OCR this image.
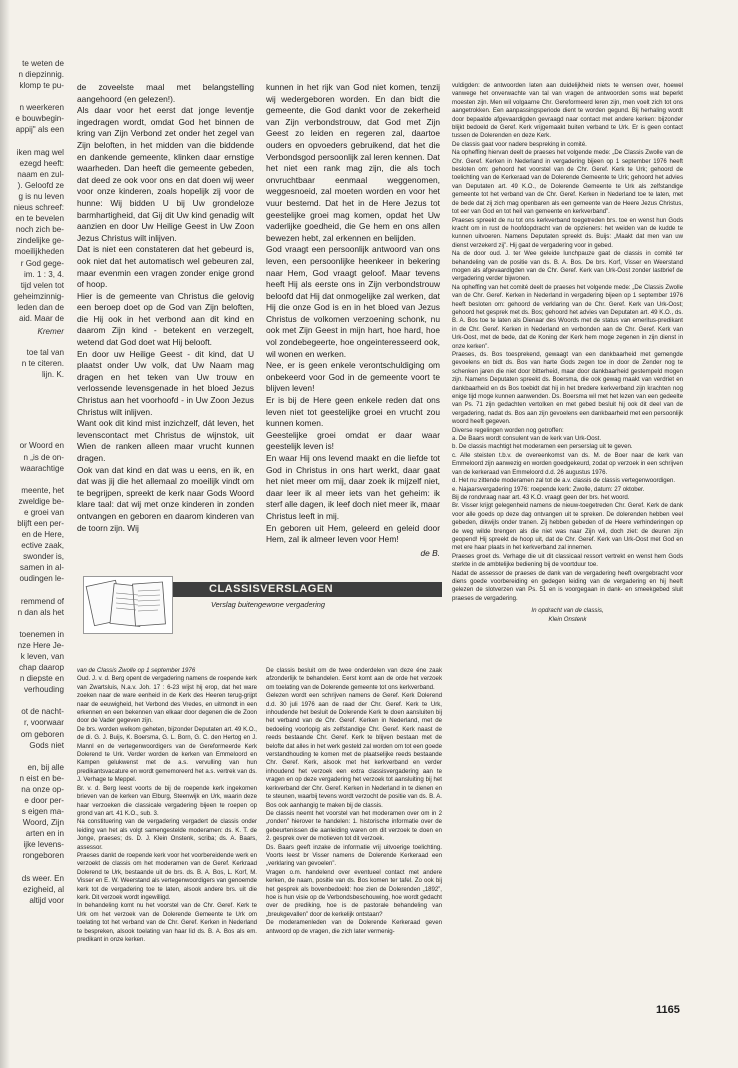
te weten de
n diepzinnig.
klomp te pu-
n weerkeren
e bouwbegin-
appij" als een
iken mag wel
ezegd heeft:
naam en zul-
). Geloofd ze
g is nu leven
nieus schreef:
en te bevelen
noch zich be-
zindelijke ge-
moeilijkheden
r God gege-
im. 1 : 3, 4.
tijd velen tot
geheimzinnig-
leden dan de
aid. Maar de
Kremer
toe tal van
n te citeren.
lijn. K.
or Woord en
n „is de on-
waarachtige
meente, het
zweldige be-
e groei van
blijft een per-
en de Here,
ective zaak,
swonder is,
samen in al-
oudingen le-
remmend of
n dan als het
toenemen in
nze Here Je-
k leven, van
chap daarop
n diepste en
verhouding
ot de nacht-
r, voorwaar
om geboren
Gods niet
en, bij alle
n eist en be-
na onze op-
e door per-
s eigen ma-
Woord, Zijn
arten en in
ijke levens-
rongeboren
ds weer. En
ezigheid, al
altijd voor

de zoveelste maal met belangstelling aangehoord (en gelezen!).

Als daar voor het eerst dat jonge leventje ingedragen wordt, omdat God het binnen de kring van Zijn Verbond zet onder het zegel van Zijn beloften, in het midden van die biddende en dankende gemeente, klinken daar ernstige waarheden. Dan heeft die gemeente gebeden, dat deed ze ook voor ons en dat doen wij weer voor onze kinderen, zoals hopelijk zij voor de hunne: Wij bidden U bij Uw grondeloze barmhartigheid, dat Gij dit Uw kind genadig wilt aanzien en door Uw Heilige Geest in Uw Zoon Jezus Christus wilt inlijven.

Dat is niet een constateren dat het gebeurd is, ook niet dat het automatisch wel gebeuren zal, maar evenmin een vragen zonder enige grond of hoop.

Hier is de gemeente van Christus die gelovig een beroep doet op de God van Zijn beloften, die Hij ook in het verbond aan dit kind en daarom Zijn kind - betekent en verzegelt, wetend dat God doet wat Hij belooft.

En door uw Heilige Geest - dit kind, dat U plaatst onder Uw volk, dat Uw Naam mag dragen en het teken van Uw trouw en verlossende levensgenade in het bloed Jezus Christus aan het voorhoofd - in Uw Zoon Jezus Christus wilt inlijven.

Want ook dit kind mist inzichzelf, dát leven, het levenscontact met Christus de wijnstok, uit Wien de ranken alleen maar vrucht kunnen dragen.

Ook van dat kind en dat was u eens, en ik, en dat was jij die het allemaal zo moeilijk vindt om te begrijpen, spreekt de kerk naar Gods Woord klare taal: dat wij met onze kinderen in zonden ontvangen en geboren en daarom kinderen van de toorn zijn. Wij

kunnen in het rijk van God niet komen, tenzij wij wedergeboren worden. En dan bidt die gemeente, die God dankt voor de zekerheid van Zijn verbondstrouw, dat God met Zijn Geest zo leiden en regeren zal, daartoe ouders en opvoeders gebruikend, dat het die Verbondsgod persoonlijk zal leren kennen. Dat het niet een rank mag zijn, die als toch onvruchtbaar eenmaal weggenomen, weggesnoeid, zal moeten worden en voor het vuur bestemd. Dat het in de Here Jezus tot geestelijke groei mag komen, opdat het Uw vaderlijke goedheid, die Ge hem en ons allen bewezen hebt, zal erkennen en belijden.

God vraagt een persoonlijk antwoord van ons leven, een persoonlijke heenkeer in bekering naar Hem, God vraagt geloof. Maar tevens heeft Hij als eerste ons in Zijn verbondstrouw beloofd dat Hij dat onmogelijke zal werken, dat Hij die onze God is en in het bloed van Jezus Christus de volkomen verzoening schonk, nu ook met Zijn Geest in mijn hart, hoe hard, hoe vol zondebegeerte, hoe ongeinteresseerd ook, wil wonen en werken.

Nee, er is geen enkele verontschuldiging om onbekeerd voor God in de gemeente voort te blijven leven!

Er is bij de Here geen enkele reden dat ons leven niet tot geestelijke groei en vrucht zou kunnen komen.

Geestelijke groei omdat er daar waar geestelijk leven is!

En waar Hij ons levend maakt en die liefde tot God in Christus in ons hart werkt, daar gaat het niet meer om mij, daar zoek ik mijzelf niet, daar leer ik al meer iets van het geheim: ik sterf alle dagen, ik leef doch niet meer ik, maar Christus leeft in mij.

En geboren uit Hem, geleerd en geleid door Hem, zal ik almeer leven voor Hem!

de B.

vuldigden: de antwoorden laten aan duidelijkheid niets te wensen over, hoewel vanwege het onverwachte van tal van vragen de antwoorden soms wat beperkt moesten zijn. Men wil volgaarne Chr. Gereformeerd leren zijn, men voelt zich tot ons aangetrokken. Een aanpassingsperiode dient te worden gegund. Bij herhaling wordt door bepaalde afgevaardigden gevraagd naar contact met andere kerken: bijzonder blijkt bedoeld de Geref. Kerk vrijgemaakt buiten verband te Urk. Er is geen contact tussen de Dolerenden en deze Kerk.

De classis gaat voor nadere bespreking in comité.

Na opheffing hiervan deelt de praeses het volgende mede: „De Classis Zwolle van de Chr. Geref. Kerken in Nederland in vergadering bijeen op 1 september 1976 heeft besloten om: gehoord het voorstel van de Chr. Geref. Kerk te Urk; gehoord de toelichting van de Kerkeraad van de Dolerende Gemeente te Urk; gehoord het advies van Deputaten art. 49 K.O., de Dolerende Gemeente te Urk als zelfstandige gemeente tot het verband van de Chr. Geref. Kerken in Nederland toe te laten, met de bede dat zij zich mag openbaren als een gemeente van de Heere Jezus Christus, tot eer van God en tot heil van gemeente en kerkverband”.

Praeses spreekt de nu tot ons kerkverband toegetreden brs. toe en wenst hun Gods kracht om in rust de hoofdopdracht van de opzieners: het weiden van de kudde te kunnen uitvoeren. Namens Deputaten spreekt ds. Buijs: „Maakt dat men van uw dienst verzekerd zij”. Hij gaat de vergadering voor in gebed.

Na de door oud. J. ter Wee geleide lunchpauze gaat de classis in comité ter behandeling van de positie van ds. B. A. Bos. De brs. Korf, Visser en Weerstand mogen als afgevaardigden van de Chr. Geref. Kerk van Urk-Oost zonder lastbrief de vergadering verder bijwonen.

Na opheffing van het comité deelt de praeses het volgende mede: „De Classis Zwolle van de Chr. Geref. Kerken in Nederland in vergadering bijeen op 1 september 1976 heeft besloten om: gehoord de verklaring van de Chr. Geref. Kerk van Urk-Oost; gehoord het gesprek met ds. Bos; gehoord het advies van Deputaten art. 49 K.O., ds. B. A. Bos toe te laten als Dienaar des Woords met de status van emeritus-predikant in de Chr. Geref. Kerken in Nederland en verbonden aan de Chr. Geref. Kerk van Urk-Oost, met de bede, dat de Koning der Kerk hem moge zegenen in zijn dienst in onze kerken”.

Praeses, ds. Bos toesprekend, gewaagt van een dankbaarheid met gemengde gevoelens en bidt ds. Bos van harte Gods zegen toe in door de Zender nog te schenken jaren die niet door bitterheid, maar door dankbaarheid gestempeld mogen zijn. Namens Deputaten spreekt ds. Boersma, die ook gewag maakt van verdriet en dankbaarheid en ds Bos toebidt dat hij in het bredere kerkverband zijn krachten nog enige tijd moge kunnen aanwenden. Ds. Boersma wil met het lezen van een gedeelte van Ps. 71 zijn gedachten vertolken en met gebed besluit hij ook dit deel van de vergadering, nadat ds. Bos aan zijn gevoelens een dankbaarheid met een persoonlijk woord heeft gegeven.

Diverse regelingen worden nog getroffen:

a. De Baars wordt consulent van de kerk van Urk-Oost.

b. De classis machtigt het moderamen een perserslag uit te geven.

c. Alle steisten t.b.v. de overeenkomst van ds. M. de Boer naar de kerk van Emmeloord zijn aanwezig en worden goedgekeurd, zodat op verzoek in een schrijven van de kerkeraad van Emmeloord d.d. 26 augustus 1976.

d. Het nu zittende moderamen zal tot de a.v. classis de classis vertegenwoordigen.

e. Najaarsvergadering 1976: roepende kerk: Zwolle, datum: 27 oktober.

Bij de rondvraag naar art. 43 K.O. vraagt geen der brs. het woord.

Br. Visser krijgt gelegenheid namens de nieuw-toegetreden Chr. Geref. Kerk de dank voor alle goeds op deze dag ontvangen uit te spreken. De dolerenden hebben veel gebeden, dikwijls onder tranen. Zij hebben gebeden of de Heere verhinderingen op de weg wilde brengen als die niet was naar Zijn wil, doch ziet: de deuren zijn geopend! Hij spreekt de hoop uit, dat de Chr. Geref. Kerk van Urk-Oost met God en met ere haar plaats in het kerkverband zal innemen.

Praeses groet ds. Verhage die uit dit classicaal ressort vertrekt en wenst hem Gods sterkte in de ambtelijke bediening bij de voortduur toe.

Nadat de assessor de praeses de dank van de vergadering heeft overgebracht voor diens goede voorbereiding en gedegen leiding van de vergadering en hij heeft gelezen de slotverzen van Ps. 51 en is voorgegaan in dank- en smeekgebed sluit praeses de vergadering.

In opdracht van de classis,
Klein Onstenk
CLASSISVERSLAGEN
Verslag buitengewone vergadering

van de Classis Zwolle op 1 september 1976

Oud. J. v. d. Berg opent de vergadering namens de roepende kerk van Zwartsluis, N.a.v. Joh. 17 : 6-23 wijst hij erop, dat het ware zoeken naar de ware eenheid in de Kerk des Heeren terug-grijpt naar de eeuwigheid, het Verbond des Vredes, en uitmondt in een erkennen en een bekennen van elkaar door degenen die de Zoon door de Vader gegeven zijn.

De brs. worden welkom geheten, bijzonder Deputaten art. 49 K.O., de di. G. J. Buijs, K. Boersma, G. L. Born, G. C. den Hertog en J. Mannl en de vertegenwoordigers van de Gereformeerde Kerk Dolerend te Urk. Verder worden de kerken van Emmeloord en Kampen gelukwenst met de a.s. vervulling van hun predikantsvacature en wordt gememoreerd het a.s. vertrek van ds. J. Verhage te Meppel.

Br. v. d. Berg leest voorts de bij de roepende kerk ingekomen brieven van de kerken van Elburg, Steenwijk en Urk, waarin deze haar verzoeken die classicale vergadering bijeen te roepen op grond van art. 41 K.O., sub. 3.

Na constituering van de vergadering vergadert de classis onder leiding van het als volgt samengestelde moderamen: ds. K. T. de Jonge, praeses; ds. D. J. Klein Onstenk, scriba; ds. A. Baars, assessor.

Praeses dankt de roepende kerk voor het voorbereidende werk en verzoekt de classis om het moderamen van de Geref. Kerkraad Dolerend te Urk, bestaande uit de brs. ds. B. A. Bos, L. Korf, M. Visser en E. W. Weerstand als vertegenwoordigers van genoemde kerk tot de vergadering toe te laten, alsook andere brs. uit die kerk. Dit verzoek wordt ingewilligd.

In behandeling komt nu het voorstel van de Chr. Geref. Kerk te Urk om het verzoek van de Dolerende Gemeente te Urk om toelating tot het verband van de Chr. Geref. Kerken in Nederland te bespreken, alsook toelating van haar lid ds. B. A. Bos als em. predikant in onze kerken.

De classis besluit om de twee onderdelen van deze éne zaak afzonderlijk te behandelen. Eerst komt aan de orde het verzoek om toelating van de Dolerende gemeente tot ons kerkverband.

Gelezen wordt een schrijven namens de Geref. Kerk Dolerend d.d. 30 juli 1976 aan de raad der Chr. Geref. Kerk te Urk, inhoudende het besluit de Dolerende Kerk te doen aansluiten bij het verband van de Chr. Geref. Kerken in Nederland, met de bedoeling voorlopig als zelfstandige Chr. Geref. Kerk naast de reeds bestaande Chr. Geref. Kerk te blijven bestaan met de belofte dat alles in het werk gesteld zal worden om tot een goede verstandhouding te komen met de plaatselijke reeds bestaande Chr. Geref. Kerk, alsook met het kerkverband en verder inhoudend het verzoek een extra classisvergadering aan te vragen en op deze vergadering het verzoek tot aansluiting bij het kerkverband der Chr. Geref. Kerken in Nederland in te dienen en te steunen, waarbij tevens wordt verzocht de positie van ds. B. A. Bos ook aanhangig te maken bij de classis.

De classis neemt het voorstel van het moderamen over om in 2 „ronden” hierover te handelen: 1. historische informatie over de gebeurtenissen die aanleiding waren om dit verzoek te doen en 2. gesprek over de motieven tot dit verzoek.

Ds. Baars geeft inzake de informatie vrij uitvoerige toelichting. Voorts leest br Visser namens de Dolerende Kerkeraad een „verklaring van gevoelen”.

Vragen o.m. handelend over eventueel contact met andere kerken, de naam, positie van ds. Bos komen ter tafel. Zo ook bij het gesprek als bovenbedoeld: hoe zien de Dolerenden „1892”, hoe is hun visie op de Verbondsbeschouwing, hoe wordt gedacht over de prediking, hoe is de pastorale behandeling van „breukgevallen” door de kerkelijk ontstaan?

De moderamenleden van de Dolerende Kerkeraad geven antwoord op de vragen, die zich later vermenig-

1165
